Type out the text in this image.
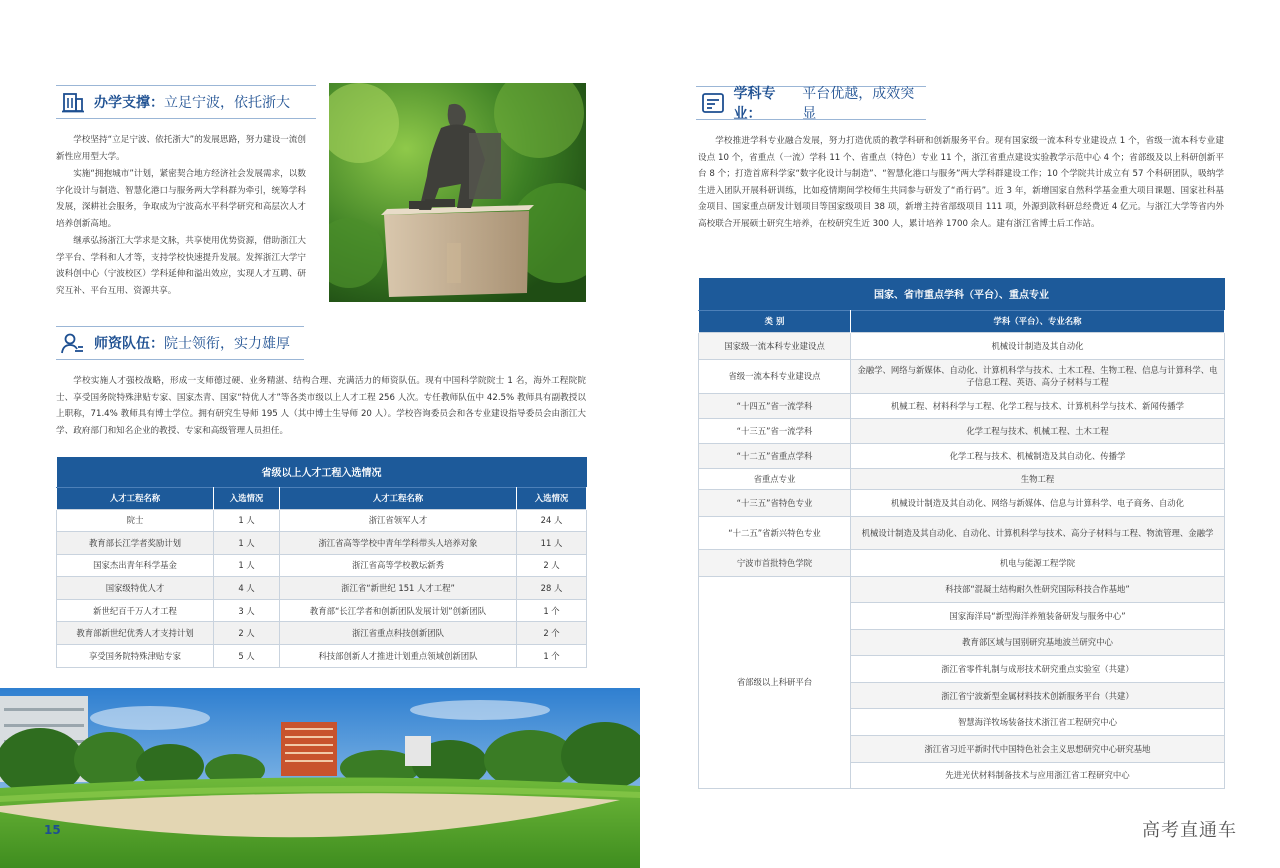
办学支撑： 立足宁波，依托浙大

学校坚持“立足宁波、依托浙大”的发展思路，努力建设一流创新性应用型大学。

实施“拥抱城市”计划，紧密契合地方经济社会发展需求，以数字化设计与制造、智慧化港口与服务两大学科群为牵引，统筹学科发展，深耕社会服务，争取成为宁波高水平科学研究和高层次人才培养创新高地。

继承弘扬浙江大学求是文脉，共享使用优势资源，借助浙江大学平台、学科和人才等，支持学校快速提升发展。发挥浙江大学宁波科创中心（宁波校区）学科延伸和溢出效应，实现人才互聘、研究互补、平台互用、资源共享。

师资队伍： 院士领衔，实力雄厚

学校实施人才强校战略，形成一支师德过硬、业务精湛、结构合理、充满活力的师资队伍。现有中国科学院院士 1 名，海外工程院院士、享受国务院特殊津贴专家、国家杰青、国家“特优人才”等各类市级以上人才工程 256 人次。专任教师队伍中 42.5% 教师具有副教授以上职称，71.4% 教师具有博士学位。拥有研究生导师 195 人（其中博士生导师 20 人）。学校咨询委员会和各专业建设指导委员会由浙江大学、政府部门和知名企业的教授、专家和高级管理人员担任。

省级以上人才工程入选情况			
人才工程名称	入选情况	人才工程名称	入选情况
院士	1 人	浙江省领军人才	24 人
教育部长江学者奖励计划	1 人	浙江省高等学校中青年学科带头人培养对象	11 人
国家杰出青年科学基金	1 人	浙江省高等学校教坛新秀	2 人
国家级特优人才	4 人	浙江省“新世纪 151 人才工程”	28 人
新世纪百千万人才工程	3 人	教育部“长江学者和创新团队发展计划”创新团队	1 个
教育部新世纪优秀人才支持计划	2 人	浙江省重点科技创新团队	2 个
享受国务院特殊津贴专家	5 人	科技部创新人才推进计划重点领域创新团队	1 个
15
学科专业：
平台优越，成效突显

学校推进学科专业融合发展，努力打造优质的教学科研和创新服务平台。现有国家级一流本科专业建设点 1 个，省级一流本科专业建设点 10 个，省重点（一流）学科 11 个、省重点（特色）专业 11 个，浙江省重点建设实验教学示范中心 4 个；省部级及以上科研创新平台 8 个；打造首席科学家“数字化设计与制造”、“智慧化港口与服务”两大学科群建设工作；10 个学院共计成立有 57 个科研团队，吸纳学生进入团队开展科研训练，比如疫情期间学校师生共同参与研发了“甬行码”。近 3 年，新增国家自然科学基金重大项目课题、国家社科基金项目、国家重点研发计划项目等国家级项目 38 项，新增主持省部级项目 111 项，外源到款科研总经费近 4 亿元。与浙江大学等省内外高校联合开展硕士研究生培养，在校研究生近 300 人，累计培养 1700 余人。建有浙江省博士后工作站。

国家、省市重点学科（平台）、重点专业	
类 别	学科（平台）、专业名称
国家级一流本科专业建设点	机械设计制造及其自动化
省级一流本科专业建设点	金融学、网络与新媒体、自动化、计算机科学与技术、土木工程、生物工程、信息与计算科学、电子信息工程、英语、高分子材料与工程
“十四五”省一流学科	机械工程、材料科学与工程、化学工程与技术、计算机科学与技术、新闻传播学
“十三五”省一流学科	化学工程与技术、机械工程、土木工程
“十二五”省重点学科	化学工程与技术、机械制造及其自动化、传播学
省重点专业	生物工程
“十三五”省特色专业	机械设计制造及其自动化、网络与新媒体、信息与计算科学、电子商务、自动化
“十二五”省新兴特色专业	机械设计制造及其自动化、自动化、计算机科学与技术、高分子材料与工程、物流管理、金融学
宁波市首批特色学院	机电与能源工程学院
省部级以上科研平台	科技部“混凝土结构耐久性研究国际科技合作基地”
	国家海洋局“新型海洋养殖装备研发与服务中心”
	教育部区域与国别研究基地波兰研究中心
	浙江省零件轧制与成形技术研究重点实验室（共建）
	浙江省宁波新型金属材料技术创新服务平台（共建）
	智慧海洋牧场装备技术浙江省工程研究中心
	浙江省习近平新时代中国特色社会主义思想研究中心研究基地
	先进光伏材料制备技术与应用浙江省工程研究中心
高考直通车
